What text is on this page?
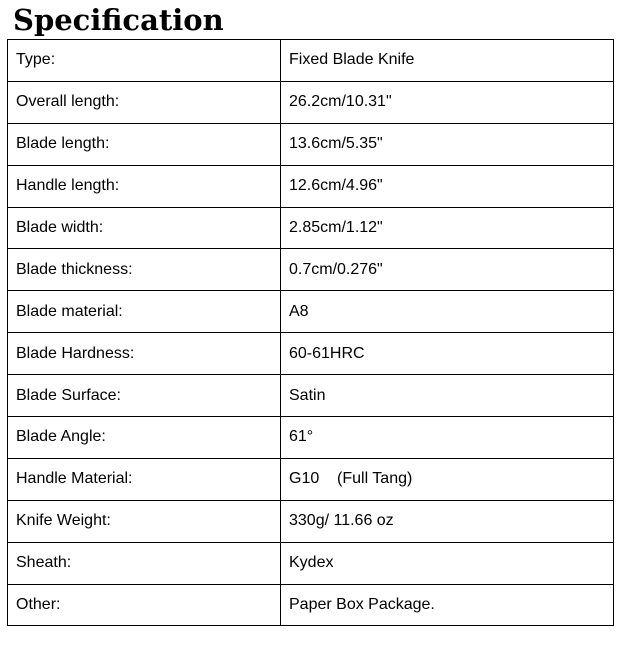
Specification
Type:	Fixed Blade Knife
Overall length:	26.2cm/10.31"
Blade length:	13.6cm/5.35"
Handle length:	12.6cm/4.96"
Blade width:	2.85cm/1.12"
Blade thickness:	0.7cm/0.276"
Blade material:	A8
Blade Hardness:	60-61HRC
Blade Surface:	Satin
Blade Angle:	61°
Handle Material:	G10    (Full Tang)
Knife Weight:	330g/ 11.66 oz
Sheath:	Kydex
Other:	Paper Box Package.
